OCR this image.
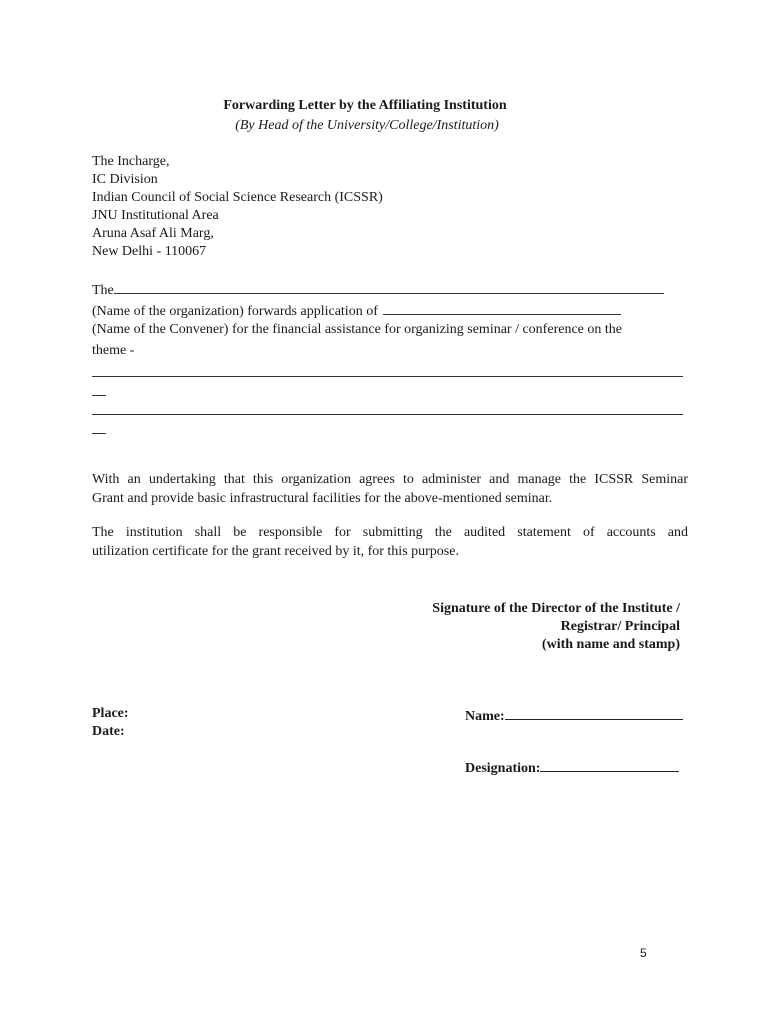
Forwarding Letter by the Affiliating Institution
(By Head of the University/College/Institution)
The Incharge,
IC Division
Indian Council of Social Science Research (ICSSR)
JNU Institutional Area
Aruna Asaf Ali Marg,
New Delhi - 110067
The
(Name of the organization) forwards application of
(Name of the Convener) for the financial assistance for organizing seminar / conference on the
theme -
With an undertaking that this organization agrees to administer and manage the ICSSR Seminar
Grant and provide basic infrastructural facilities for the above-mentioned seminar.
The institution shall be responsible for submitting the audited statement of accounts and
utilization certificate for the grant received by it, for this purpose.
Signature of the Director of the Institute /
Registrar/ Principal
(with name and stamp)
Place:
Date:
Name:
Designation:
5
